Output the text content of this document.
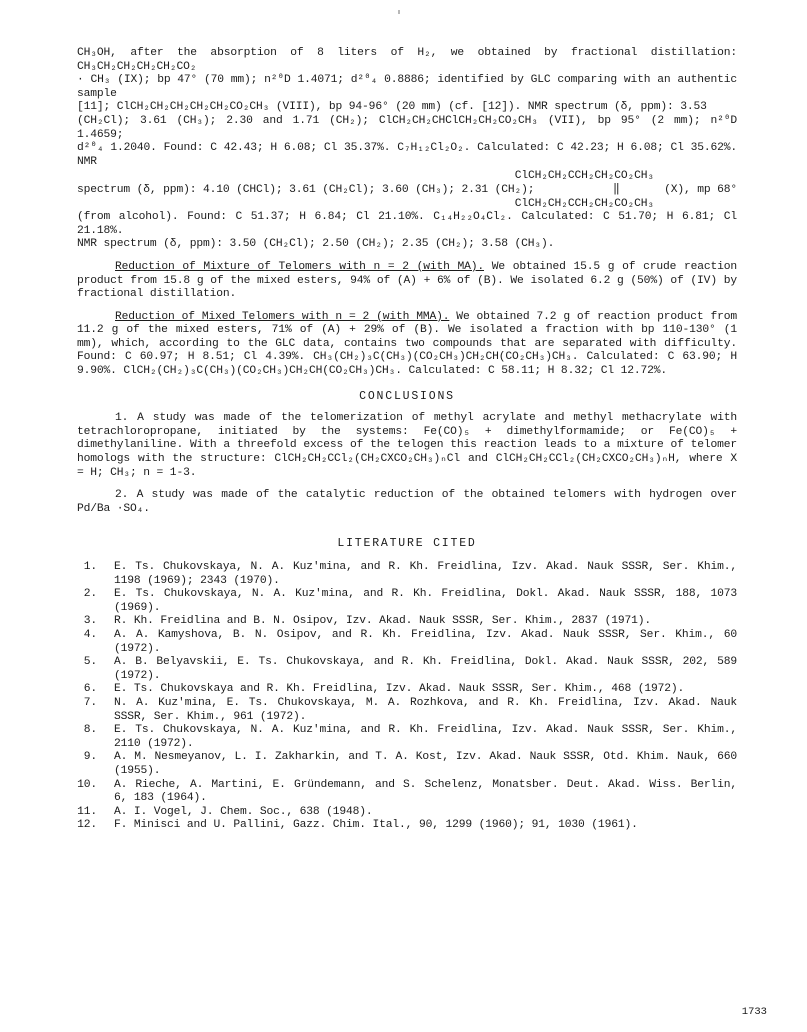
CH₃OH, after the absorption of 8 liters of H₂, we obtained by fractional distillation: CH₃CH₂CH₂CH₂CH₂CO₂

· CH₃ (IX); bp 47° (70 mm); n²⁰D 1.4071; d²⁰₄ 0.8886; identified by GLC comparing with an authentic sample

[11]; ClCH₂CH₂CH₂CH₂CH₂CO₂CH₃ (VIII), bp 94-96° (20 mm) (cf. [12]). NMR spectrum (δ, ppm): 3.53

(CH₂Cl); 3.61 (CH₃); 2.30 and 1.71 (CH₂); ClCH₂CH₂CHClCH₂CH₂CO₂CH₃ (VII), bp 95° (2 mm); n²⁰D 1.4659;

d²⁰₄ 1.2040. Found: C 42.43; H 6.08; Cl 35.37%. C₇H₁₂Cl₂O₂. Calculated: C 42.23; H 6.08; Cl 35.62%. NMR

ClCH₂CH₂CCH₂CH₂CO₂CH₃

spectrum (δ, ppm): 4.10 (CHCl); 3.61 (CH₂Cl); 3.60 (CH₃); 2.31 (CH₂);	‖	(X), mp 68°

ClCH₂CH₂CCH₂CH₂CO₂CH₃

(from alcohol). Found: C 51.37; H 6.84; Cl 21.10%. C₁₄H₂₂O₄Cl₂. Calculated: C 51.70; H 6.81; Cl 21.18%.

NMR spectrum (δ, ppm): 3.50 (CH₂Cl); 2.50 (CH₂); 2.35 (CH₂); 3.58 (CH₃).

Reduction of Mixture of Telomers with n = 2 (with MA). We obtained 15.5 g of crude reaction product from 15.8 g of the mixed esters, 94% of (A) + 6% of (B). We isolated 6.2 g (50%) of (IV) by fractional distillation.

Reduction of Mixed Telomers with n = 2 (with MMA). We obtained 7.2 g of reaction product from 11.2 g of the mixed esters, 71% of (A) + 29% of (B). We isolated a fraction with bp 110-130° (1 mm), which, according to the GLC data, contains two compounds that are separated with difficulty. Found: C 60.97; H 8.51; Cl 4.39%. CH₃(CH₂)₃C(CH₃)(CO₂CH₃)CH₂CH(CO₂CH₃)CH₃. Calculated: C 63.90; H 9.90%. ClCH₂(CH₂)₃C(CH₃)(CO₂CH₃)CH₂CH(CO₂CH₃)CH₃. Calculated: C 58.11; H 8.32; Cl 12.72%.

CONCLUSIONS

1. A study was made of the telomerization of methyl acrylate and methyl methacrylate with tetrachloropropane, initiated by the systems: Fe(CO)₅ + dimethylformamide; or Fe(CO)₅ + dimethylaniline. With a threefold excess of the telogen this reaction leads to a mixture of telomer homologs with the structure: ClCH₂CH₂CCl₂(CH₂CXCO₂CH₃)ₙCl and ClCH₂CH₂CCl₂(CH₂CXCO₂CH₃)ₙH, where X = H; CH₃; n = 1-3.

2. A study was made of the catalytic reduction of the obtained telomers with hydrogen over Pd/Ba ·SO₄.

LITERATURE CITED
1. E. Ts. Chukovskaya, N. A. Kuz'mina, and R. Kh. Freidlina, Izv. Akad. Nauk SSSR, Ser. Khim., 1198 (1969); 2343 (1970).
2. E. Ts. Chukovskaya, N. A. Kuz'mina, and R. Kh. Freidlina, Dokl. Akad. Nauk SSSR, 188, 1073 (1969).
3. R. Kh. Freidlina and B. N. Osipov, Izv. Akad. Nauk SSSR, Ser. Khim., 2837 (1971).
4. A. A. Kamyshova, B. N. Osipov, and R. Kh. Freidlina, Izv. Akad. Nauk SSSR, Ser. Khim., 60 (1972).
5. A. B. Belyavskii, E. Ts. Chukovskaya, and R. Kh. Freidlina, Dokl. Akad. Nauk SSSR, 202, 589 (1972).
6. E. Ts. Chukovskaya and R. Kh. Freidlina, Izv. Akad. Nauk SSSR, Ser. Khim., 468 (1972).
7. N. A. Kuz'mina, E. Ts. Chukovskaya, M. A. Rozhkova, and R. Kh. Freidlina, Izv. Akad. Nauk SSSR, Ser. Khim., 961 (1972).
8. E. Ts. Chukovskaya, N. A. Kuz'mina, and R. Kh. Freidlina, Izv. Akad. Nauk SSSR, Ser. Khim., 2110 (1972).
9. A. M. Nesmeyanov, L. I. Zakharkin, and T. A. Kost, Izv. Akad. Nauk SSSR, Otd. Khim. Nauk, 660 (1955).
10. A. Rieche, A. Martini, E. Gründemann, and S. Schelenz, Monatsber. Deut. Akad. Wiss. Berlin, 6, 183 (1964).
11. A. I. Vogel, J. Chem. Soc., 638 (1948).
12. F. Minisci and U. Pallini, Gazz. Chim. Ital., 90, 1299 (1960); 91, 1030 (1961).
1733
